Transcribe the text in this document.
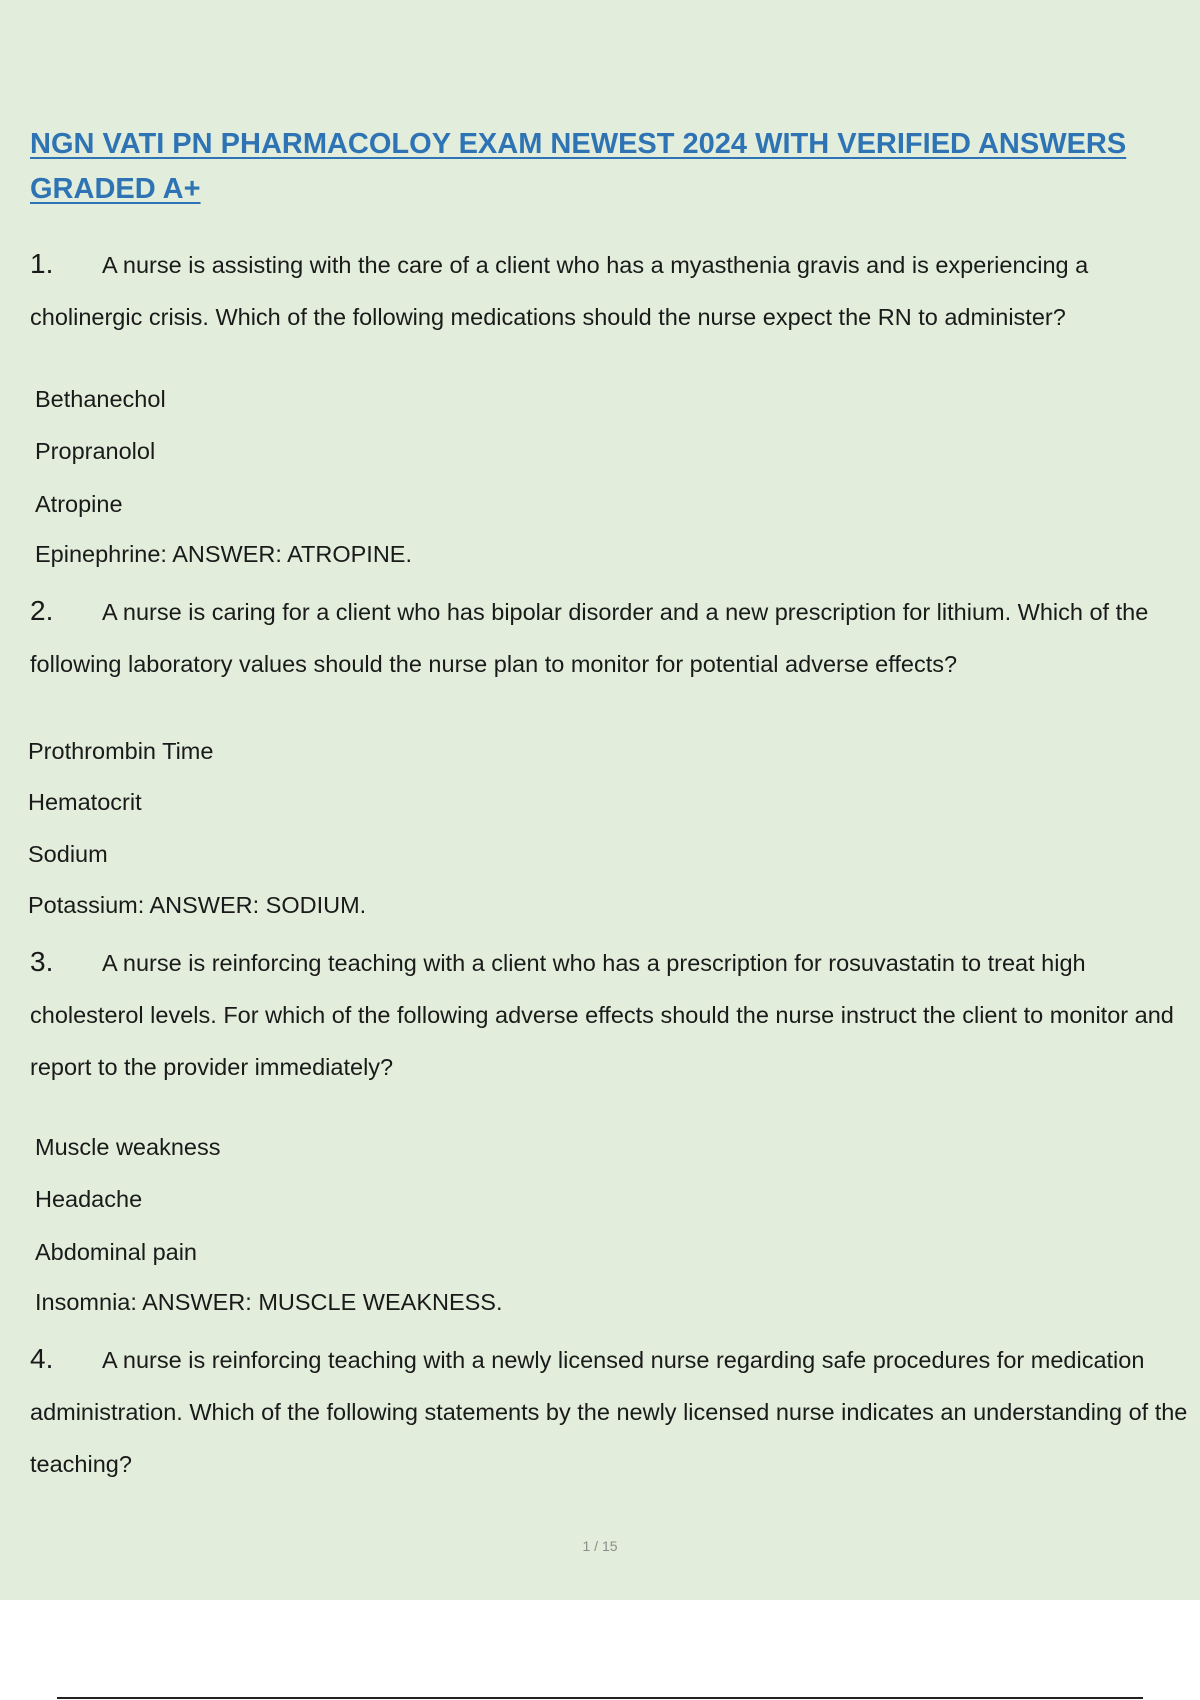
NGN VATI PN PHARMACOLOY EXAM NEWEST 2024 WITH VERIFIED ANSWERS GRADED A+
1. A nurse is assisting with the care of a client who has a myasthenia gravis and is experiencing a cholinergic crisis. Which of the following medications should the nurse expect the RN to administer?
Bethanechol
Propranolol
Atropine
Epinephrine: ANSWER: ATROPINE.
2. A nurse is caring for a client who has bipolar disorder and a new prescription for lithium. Which of the following laboratory values should the nurse plan to monitor for potential adverse effects?
Prothrombin Time
Hematocrit
Sodium
Potassium: ANSWER: SODIUM.
3. A nurse is reinforcing teaching with a client who has a prescription for rosuvastatin to treat high cholesterol levels. For which of the following adverse effects should the nurse instruct the client to monitor and report to the provider immediately?
Muscle weakness
Headache
Abdominal pain
Insomnia: ANSWER: MUSCLE WEAKNESS.
4. A nurse is reinforcing teaching with a newly licensed nurse regarding safe procedures for medication administration. Which of the following statements by the newly licensed nurse indicates an understanding of the teaching?
1 / 15
